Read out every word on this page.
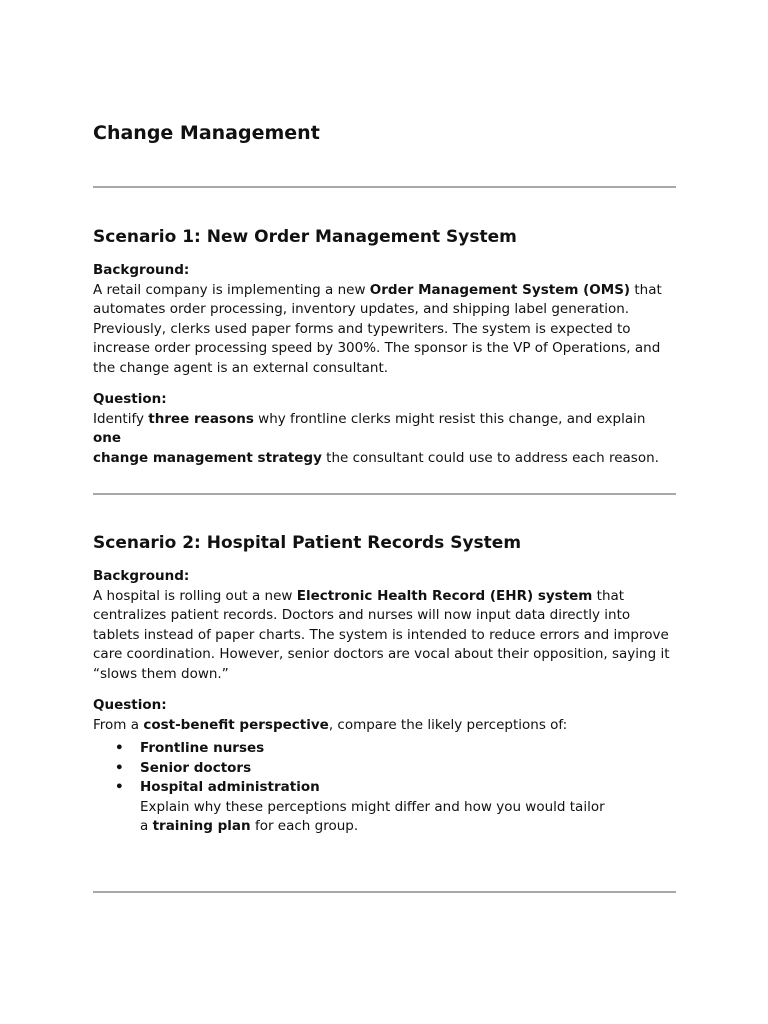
Change Management
Scenario 1: New Order Management System

Background:

A retail company is implementing a new Order Management System (OMS) that
automates order processing, inventory updates, and shipping label generation.
Previously, clerks used paper forms and typewriters. The system is expected to
increase order processing speed by 300%. The sponsor is the VP of Operations, and
the change agent is an external consultant.

Question:

Identify three reasons why frontline clerks might resist this change, and explain one
change management strategy the consultant could use to address each reason.

Scenario 2: Hospital Patient Records System

Background:

A hospital is rolling out a new Electronic Health Record (EHR) system that
centralizes patient records. Doctors and nurses will now input data directly into
tablets instead of paper charts. The system is intended to reduce errors and improve
care coordination. However, senior doctors are vocal about their opposition, saying it
“slows them down.”

Question:

From a cost-benefit perspective, compare the likely perceptions of:

• Frontline nurses
• Senior doctors
• Hospital administration

Explain why these perceptions might differ and how you would tailor
a training plan for each group.
